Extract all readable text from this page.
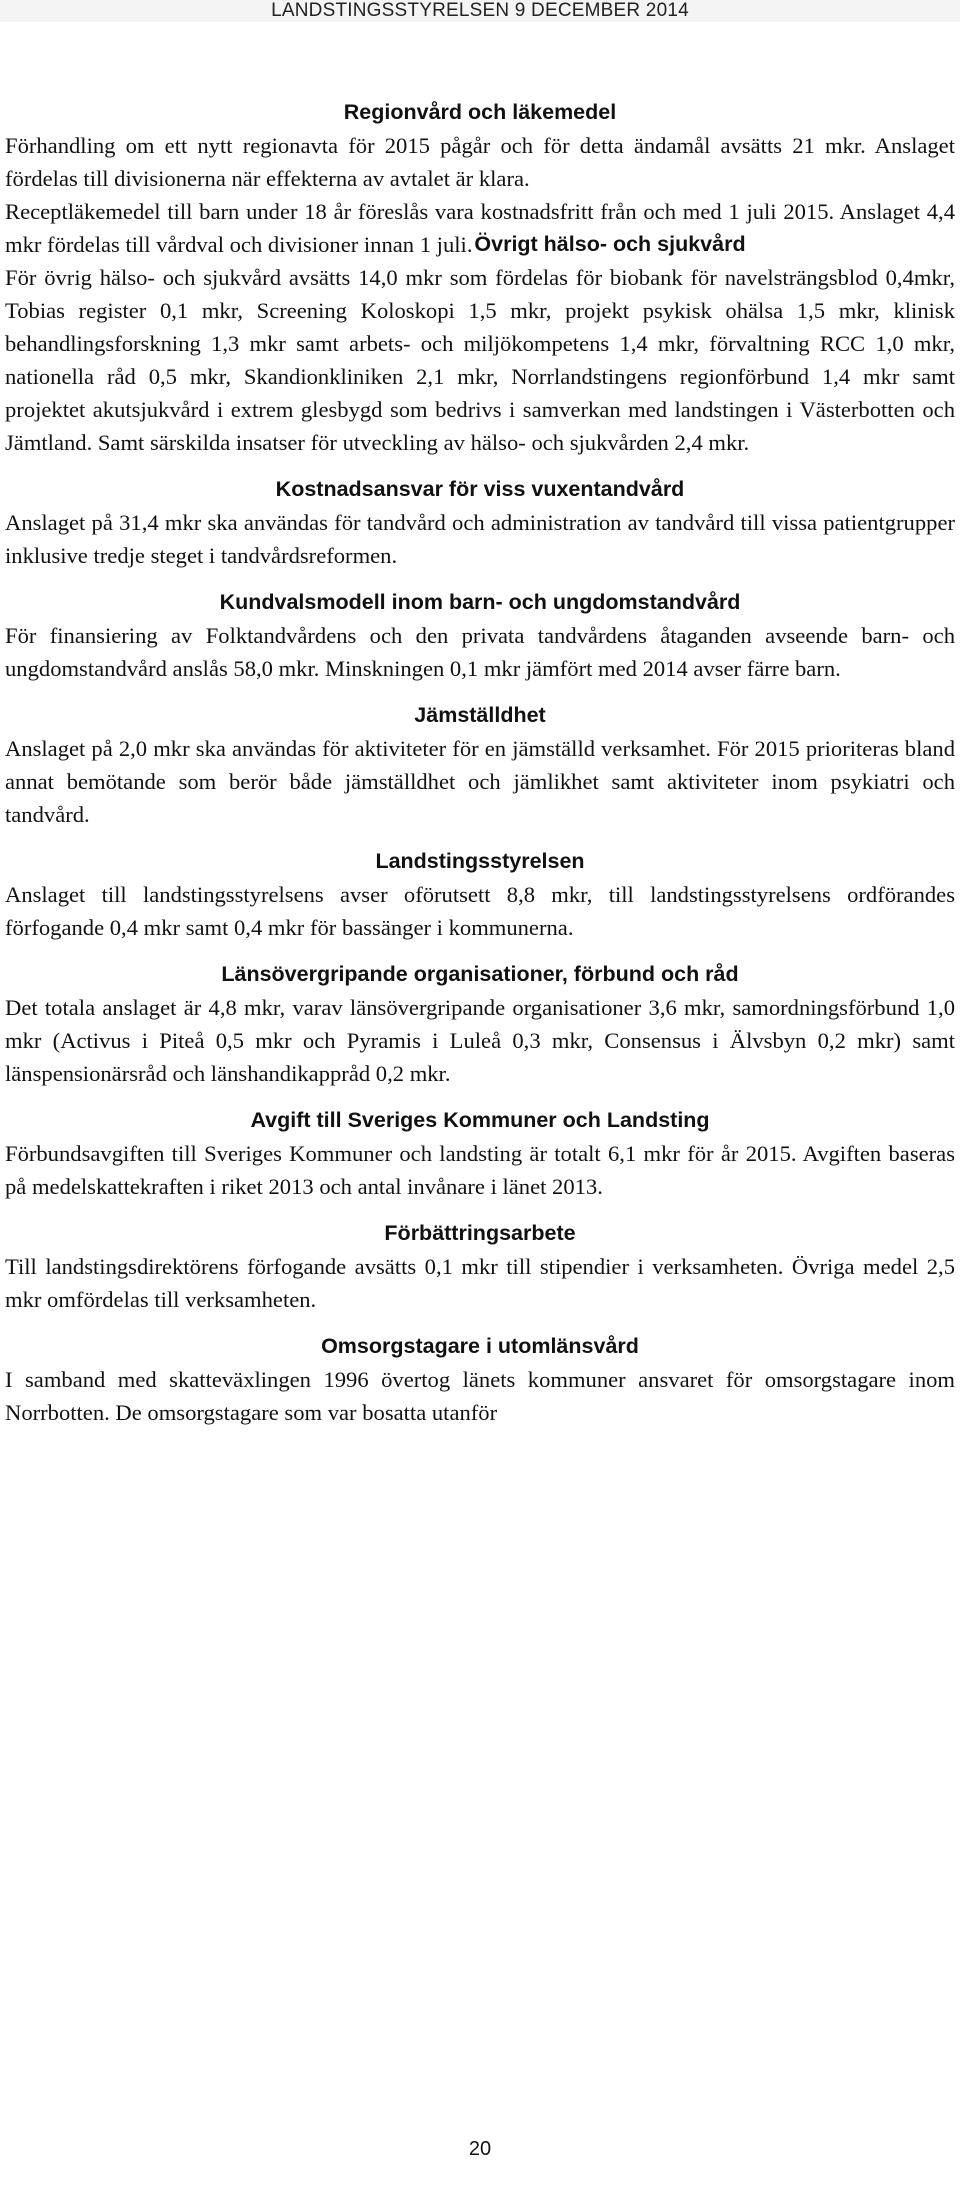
LANDSTINGSSTYRELSEN 9 DECEMBER 2014
Regionvård och läkemedel

Förhandling om ett nytt regionavta för 2015 pågår och för detta ändamål avsätts 21 mkr. Anslaget fördelas till divisionerna när effekterna av avtalet är klara.

Receptläkemedel till barn under 18 år föreslås vara kostnadsfritt från och med 1 juli 2015. Anslaget 4,4 mkr fördelas till vårdval och divisioner innan 1 juli. Övrigt hälso- och sjukvård

För övrig hälso- och sjukvård avsätts 14,0 mkr som fördelas för biobank för navelsträngsblod 0,4mkr, Tobias register 0,1 mkr, Screening Koloskopi 1,5 mkr, projekt psykisk ohälsa 1,5 mkr, klinisk behandlingsforskning 1,3 mkr samt arbets- och miljökompetens 1,4 mkr, förvaltning RCC 1,0 mkr, nationella råd 0,5 mkr, Skandionkliniken 2,1 mkr, Norrlandstingens regionförbund 1,4 mkr samt projektet akutsjukvård i extrem glesbygd som bedrivs i samverkan med landstingen i Västerbotten och Jämtland. Samt särskilda insatser för utveckling av hälso- och sjukvården 2,4 mkr.

Kostnadsansvar för viss vuxentandvård

Anslaget på 31,4 mkr ska användas för tandvård och administration av tandvård till vissa patientgrupper inklusive tredje steget i tandvårdsreformen.

Kundvalsmodell inom barn- och ungdomstandvård

För finansiering av Folktandvårdens och den privata tandvårdens åtaganden avseende barn- och ungdomstandvård anslås 58,0 mkr. Minskningen 0,1 mkr jämfört med 2014 avser färre barn.

Jämställdhet

Anslaget på 2,0 mkr ska användas för aktiviteter för en jämställd verksamhet. För 2015 prioriteras bland annat bemötande som berör både jämställdhet och jämlikhet samt aktiviteter inom psykiatri och tandvård.

Landstingsstyrelsen

Anslaget till landstingsstyrelsens avser oförutsett 8,8 mkr, till landstingsstyrelsens ordförandes förfogande 0,4 mkr samt 0,4 mkr för bassänger i kommunerna.

Länsövergripande organisationer, förbund och råd

Det totala anslaget är 4,8 mkr, varav länsövergripande organisationer 3,6 mkr, samordningsförbund 1,0 mkr (Activus i Piteå 0,5 mkr och Pyramis i Luleå 0,3 mkr, Consensus i Älvsbyn 0,2 mkr) samt länspensionärsråd och länshandikappråd 0,2 mkr.

Avgift till Sveriges Kommuner och Landsting

Förbundsavgiften till Sveriges Kommuner och landsting är totalt 6,1 mkr för år 2015. Avgiften baseras på medelskattekraften i riket 2013 och antal invånare i länet 2013.

Förbättringsarbete

Till landstingsdirektörens förfogande avsätts 0,1 mkr till stipendier i verksamheten. Övriga medel 2,5 mkr omfördelas till verksamheten.

Omsorgstagare i utomlänsvård

I samband med skatteväxlingen 1996 övertog länets kommuner ansvaret för omsorgstagare inom Norrbotten. De omsorgstagare som var bosatta utanför

20
